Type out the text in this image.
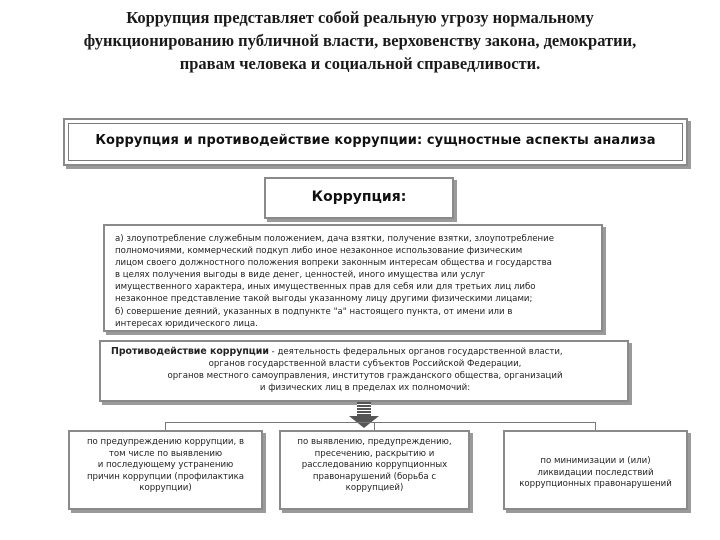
Коррупция представляет собой реальную угрозу нормальному
функционированию публичной власти, верховенству закона, демократии,
правам человека и социальной справедливости.
Коррупция и противодействие коррупции: сущностные аспекты анализа
Коррупция:

а) злоупотребление служебным положением, дача взятки, получение взятки, злоупотребление

полномочиями, коммерческий подкуп либо иное незаконное использование физическим

лицом своего должностного положения вопреки законным интересам общества и государства

в целях получения выгоды в виде денег, ценностей, иного имущества или услуг

имущественного характера, иных имущественных прав для себя или для третьих лиц либо

незаконное представление такой выгоды указанному лицу другими физическими лицами;

б) совершение деяний, указанных в подпункте "а" настоящего пункта, от имени или в

интересах юридического лица.

Противодействие коррупции - деятельность федеральных органов государственной власти,

органов государственной власти субъектов Российской Федерации,

органов местного самоуправления, институтов гражданского общества, организаций

и физических лиц в пределах их полномочий:

по предупреждению коррупции, в

том числе по выявлению

и последующему устранению

причин коррупции (профилактика

коррупции)

по выявлению, предупреждению,

пресечению, раскрытию и

расследованию коррупционных

правонарушений (борьба с

коррупцией)

по минимизации и (или)

ликвидации последствий

коррупционных правонарушений
